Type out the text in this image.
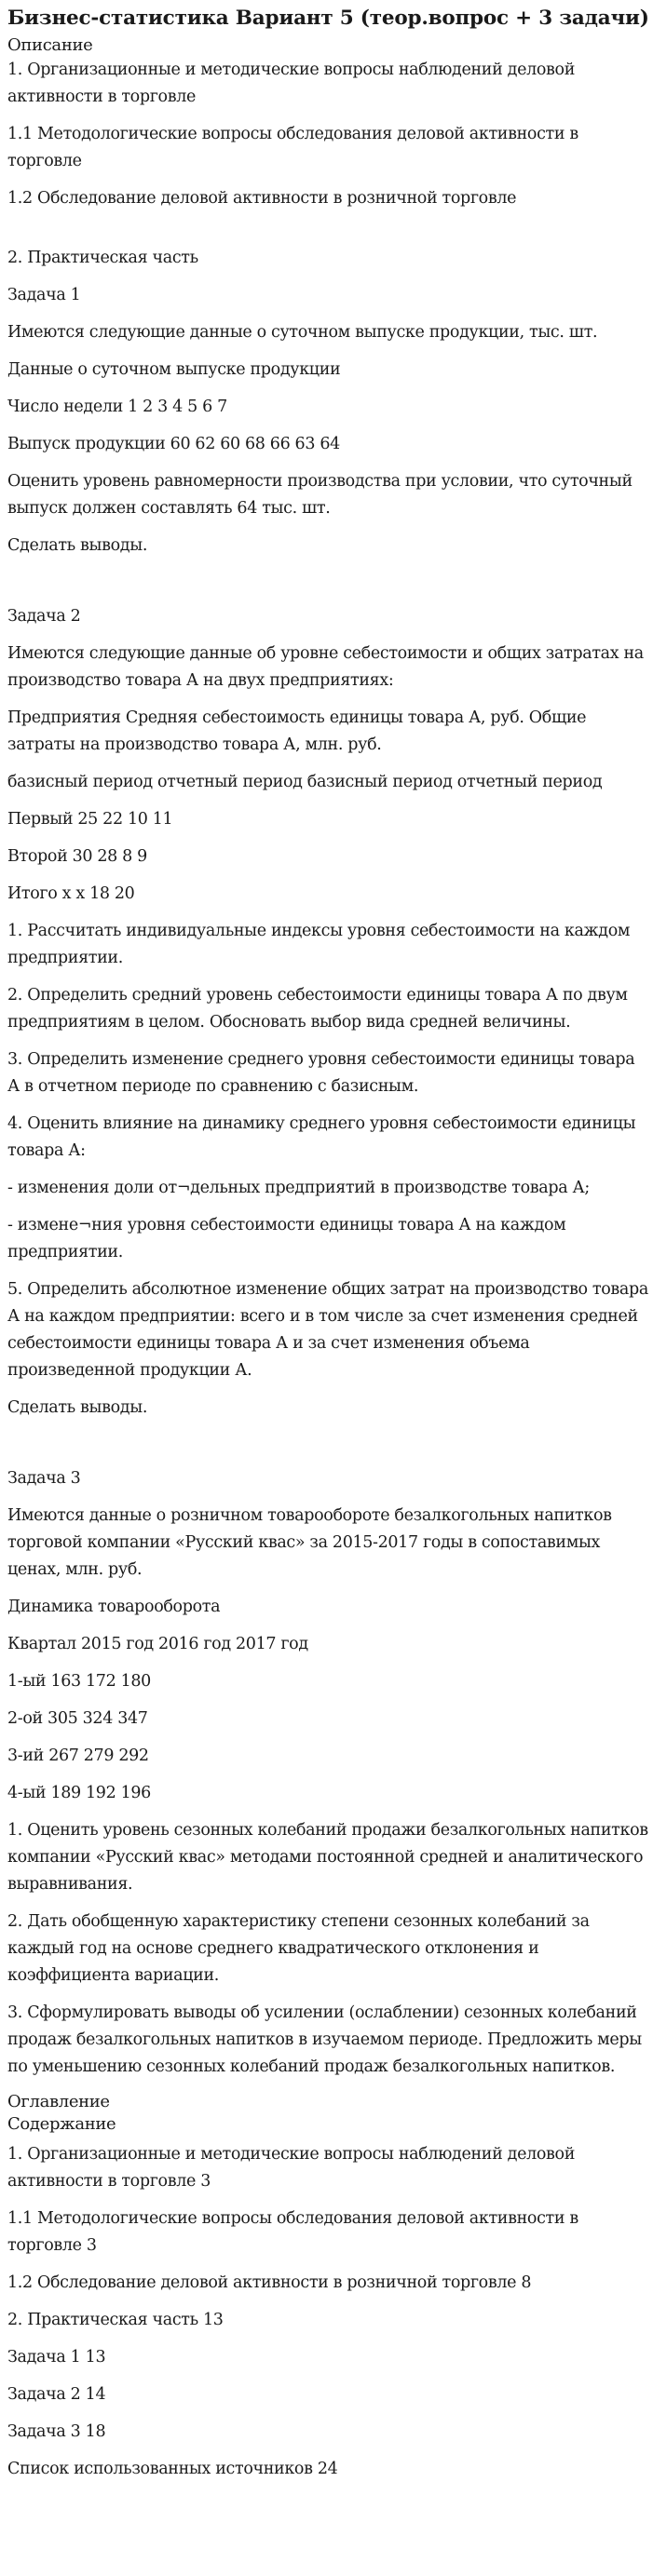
Бизнес-статистика Вариант 5 (теор.вопрос + 3 задачи)
Описание
1. Организационные и методические вопросы наблюдений деловой активности в торговле
1.1 Методологические вопросы обследования деловой активности в торговле
1.2 Обследование деловой активности в розничной торговле
2. Практическая часть
Задача 1
Имеются следующие данные о суточном выпуске продукции, тыс. шт.
Данные о суточном выпуске продукции
Число недели 1 2 3 4 5 6 7
Выпуск продукции 60 62 60 68 66 63 64
Оценить уровень равномерности производства при условии, что суточный выпуск должен составлять 64 тыс. шт.
Сделать выводы.
Задача 2
Имеются следующие данные об уровне себестоимости и общих затратах на производство товара А на двух предприятиях:
Предприятия Средняя себестоимость единицы товара А, руб. Общие затраты на производство товара А, млн. руб.
базисный период отчетный период базисный период отчетный период
Первый 25 22 10 11
Второй 30 28 8 9
Итого х х 18 20
1. Рассчитать индивидуальные индексы уровня себестоимости на каждом предприятии.
2. Определить средний уровень себестоимости единицы товара А по двум предприятиям в целом. Обосновать выбор вида средней величины.
3. Определить изменение среднего уровня себестоимости единицы товара А в отчетном периоде по сравнению с базисным.
4. Оценить влияние на динамику среднего уровня себестоимости единицы товара А:
- изменения доли от¬дельных предприятий в производстве товара А;
- измене¬ния уровня себестоимости единицы товара А на каждом предприятии.
5. Определить абсолютное изменение общих затрат на производство товара А на каждом предприятии: всего и в том числе за счет изменения средней себестоимости единицы товара А и за счет изменения объема произведенной продукции А.
Сделать выводы.
Задача 3
Имеются данные о розничном товарообороте безалкогольных напитков торговой компании «Русский квас» за 2015-2017 годы в сопоставимых ценах, млн. руб.
Динамика товарооборота
Квартал 2015 год 2016 год 2017 год
1-ый 163 172 180
2-ой 305 324 347
3-ий 267 279 292
4-ый 189 192 196
1. Оценить уровень сезонных колебаний продажи безалкогольных напитков компании «Русский квас» методами постоянной средней и аналитического выравнивания.
2. Дать обобщенную характеристику степени сезонных колебаний за каждый год на основе среднего квадратического отклонения и коэффициента вариации.
3. Сформулировать выводы об усилении (ослаблении) сезонных колебаний продаж безалкогольных напитков в изучаемом периоде. Предложить меры по уменьшению сезонных колебаний продаж безалкогольных напитков.
Оглавление
Содержание
1. Организационные и методические вопросы наблюдений деловой активности в торговле 3
1.1 Методологические вопросы обследования деловой активности в торговле 3
1.2 Обследование деловой активности в розничной торговле 8
2. Практическая часть 13
Задача 1 13
Задача 2 14
Задача 3 18
Список использованных источников 24
